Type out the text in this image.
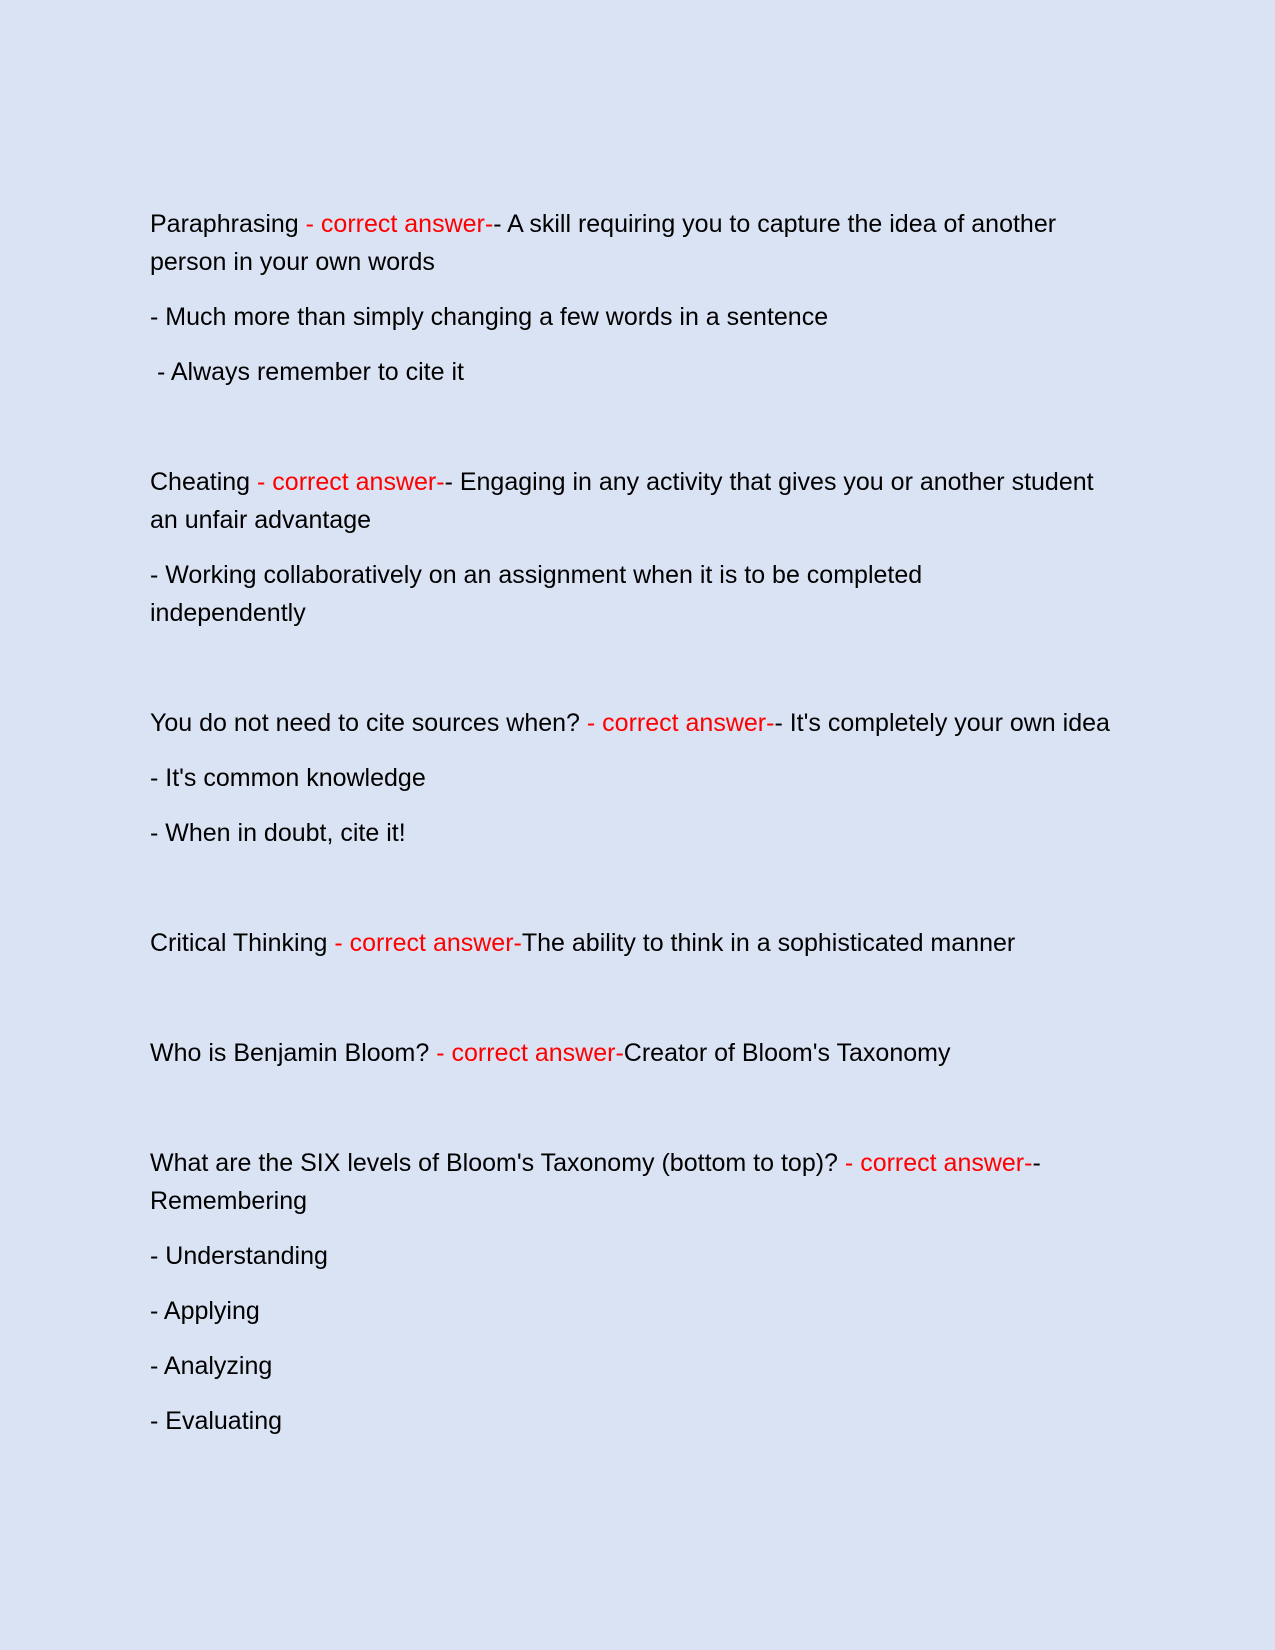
Paraphrasing - correct answer-- A skill requiring you to capture the idea of another person in your own words

- Much more than simply changing a few words in a sentence

- Always remember to cite it

Cheating - correct answer-- Engaging in any activity that gives you or another student an unfair advantage

- Working collaboratively on an assignment when it is to be completed independently

You do not need to cite sources when? - correct answer-- It's completely your own idea

- It's common knowledge

- When in doubt, cite it!

Critical Thinking - correct answer-The ability to think in a sophisticated manner

Who is Benjamin Bloom? - correct answer-Creator of Bloom's Taxonomy

What are the SIX levels of Bloom's Taxonomy (bottom to top)? - correct answer-- Remembering

- Understanding

- Applying

- Analyzing

- Evaluating
